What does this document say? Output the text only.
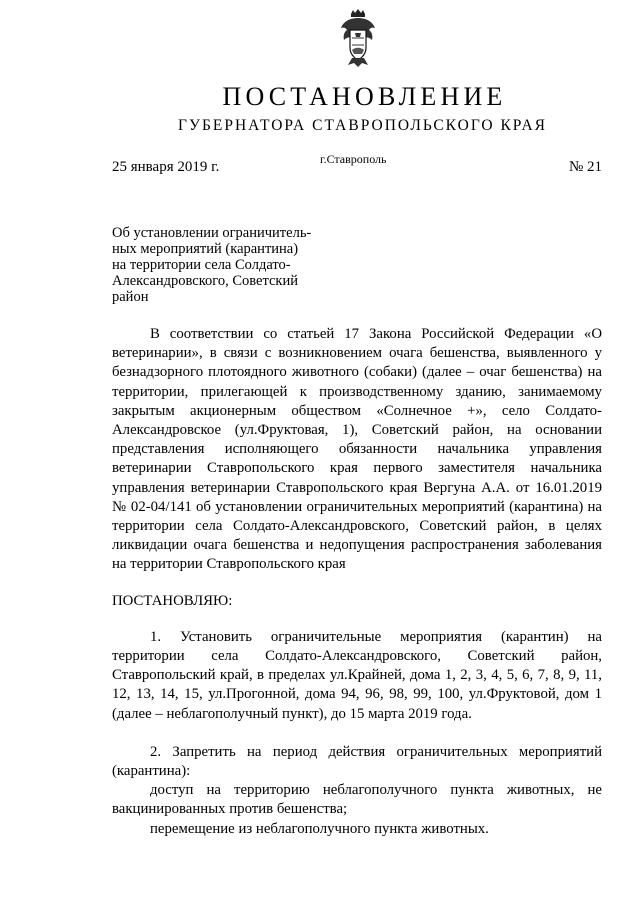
ПОСТАНОВЛЕНИЕ
ГУБЕРНАТОРА СТАВРОПОЛЬСКОГО КРАЯ
25 января 2019 г.	г.Ставрополь	№ 21
Об установлении ограничитель-
ных мероприятий (карантина)
на территории села Солдато-
Александровского, Советский
район

В соответствии со статьей 17 Закона Российской Федерации «О ветеринарии», в связи с возникновением очага бешенства, выявленного у безнадзорного плотоядного животного (собаки) (далее – очаг бешенства) на территории, прилегающей к производственному зданию, занимаемому закрытым акционерным обществом «Солнечное +», село Солдато-Александровское (ул.Фруктовая, 1), Советский район, на основании представления исполняющего обязанности начальника управления ветеринарии Ставропольского края первого заместителя начальника управления ветеринарии Ставропольского края Вергуна А.А. от 16.01.2019 № 02-04/141 об установлении ограничительных мероприятий (карантина) на территории села Солдато-Александровского, Советский район, в целях ликвидации очага бешенства и недопущения распространения заболевания на территории Ставропольского края

ПОСТАНОВЛЯЮ:

1. Установить ограничительные мероприятия (карантин) на территории села Солдато-Александровского, Советский район, Ставропольский край, в пределах ул.Крайней, дома 1, 2, 3, 4, 5, 6, 7, 8, 9, 11, 12, 13, 14, 15, ул.Прогонной, дома 94, 96, 98, 99, 100, ул.Фруктовой, дом 1 (далее – неблагополучный пункт), до 15 марта 2019 года.

2. Запретить на период действия ограничительных мероприятий (карантина):

доступ на территорию неблагополучного пункта животных, не вакцинированных против бешенства;

перемещение из неблагополучного пункта животных.
